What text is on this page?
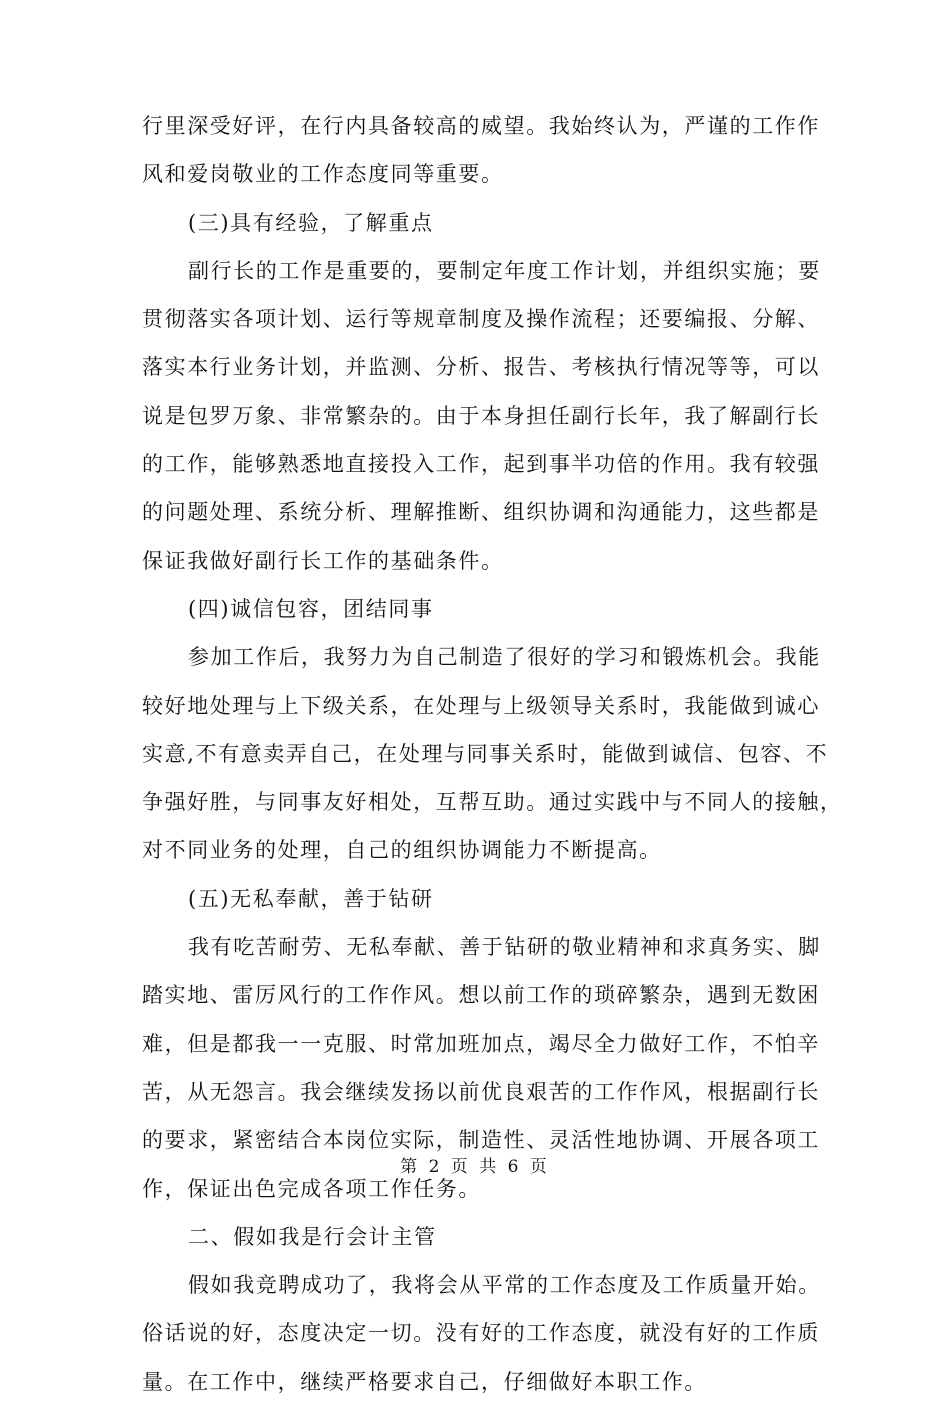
行里深受好评，在行内具备较高的威望。我始终认为，严谨的工作作
风和爱岗敬业的工作态度同等重要。
(三)具有经验，了解重点
副行长的工作是重要的，要制定年度工作计划，并组织实施；要
贯彻落实各项计划、运行等规章制度及操作流程；还要编报、分解、
落实本行业务计划，并监测、分析、报告、考核执行情况等等，可以
说是包罗万象、非常繁杂的。由于本身担任副行长年，我了解副行长
的工作，能够熟悉地直接投入工作，起到事半功倍的作用。我有较强
的问题处理、系统分析、理解推断、组织协调和沟通能力，这些都是
保证我做好副行长工作的基础条件。
(四)诚信包容，团结同事
参加工作后，我努力为自己制造了很好的学习和锻炼机会。我能
较好地处理与上下级关系，在处理与上级领导关系时，我能做到诚心
实意,不有意卖弄自己，在处理与同事关系时，能做到诚信、包容、不
争强好胜，与同事友好相处，互帮互助。通过实践中与不同人的接触，
对不同业务的处理，自己的组织协调能力不断提高。
(五)无私奉献，善于钻研
我有吃苦耐劳、无私奉献、善于钻研的敬业精神和求真务实、脚
踏实地、雷厉风行的工作作风。想以前工作的琐碎繁杂，遇到无数困
难，但是都我一一克服、时常加班加点，竭尽全力做好工作，不怕辛
苦，从无怨言。我会继续发扬以前优良艰苦的工作作风，根据副行长
的要求，紧密结合本岗位实际，制造性、灵活性地协调、开展各项工
作，保证出色完成各项工作任务。
二、假如我是行会计主管
假如我竞聘成功了，我将会从平常的工作态度及工作质量开始。
俗话说的好，态度决定一切。没有好的工作态度，就没有好的工作质
量。在工作中，继续严格要求自己，仔细做好本职工作。
第 2 页 共 6 页
